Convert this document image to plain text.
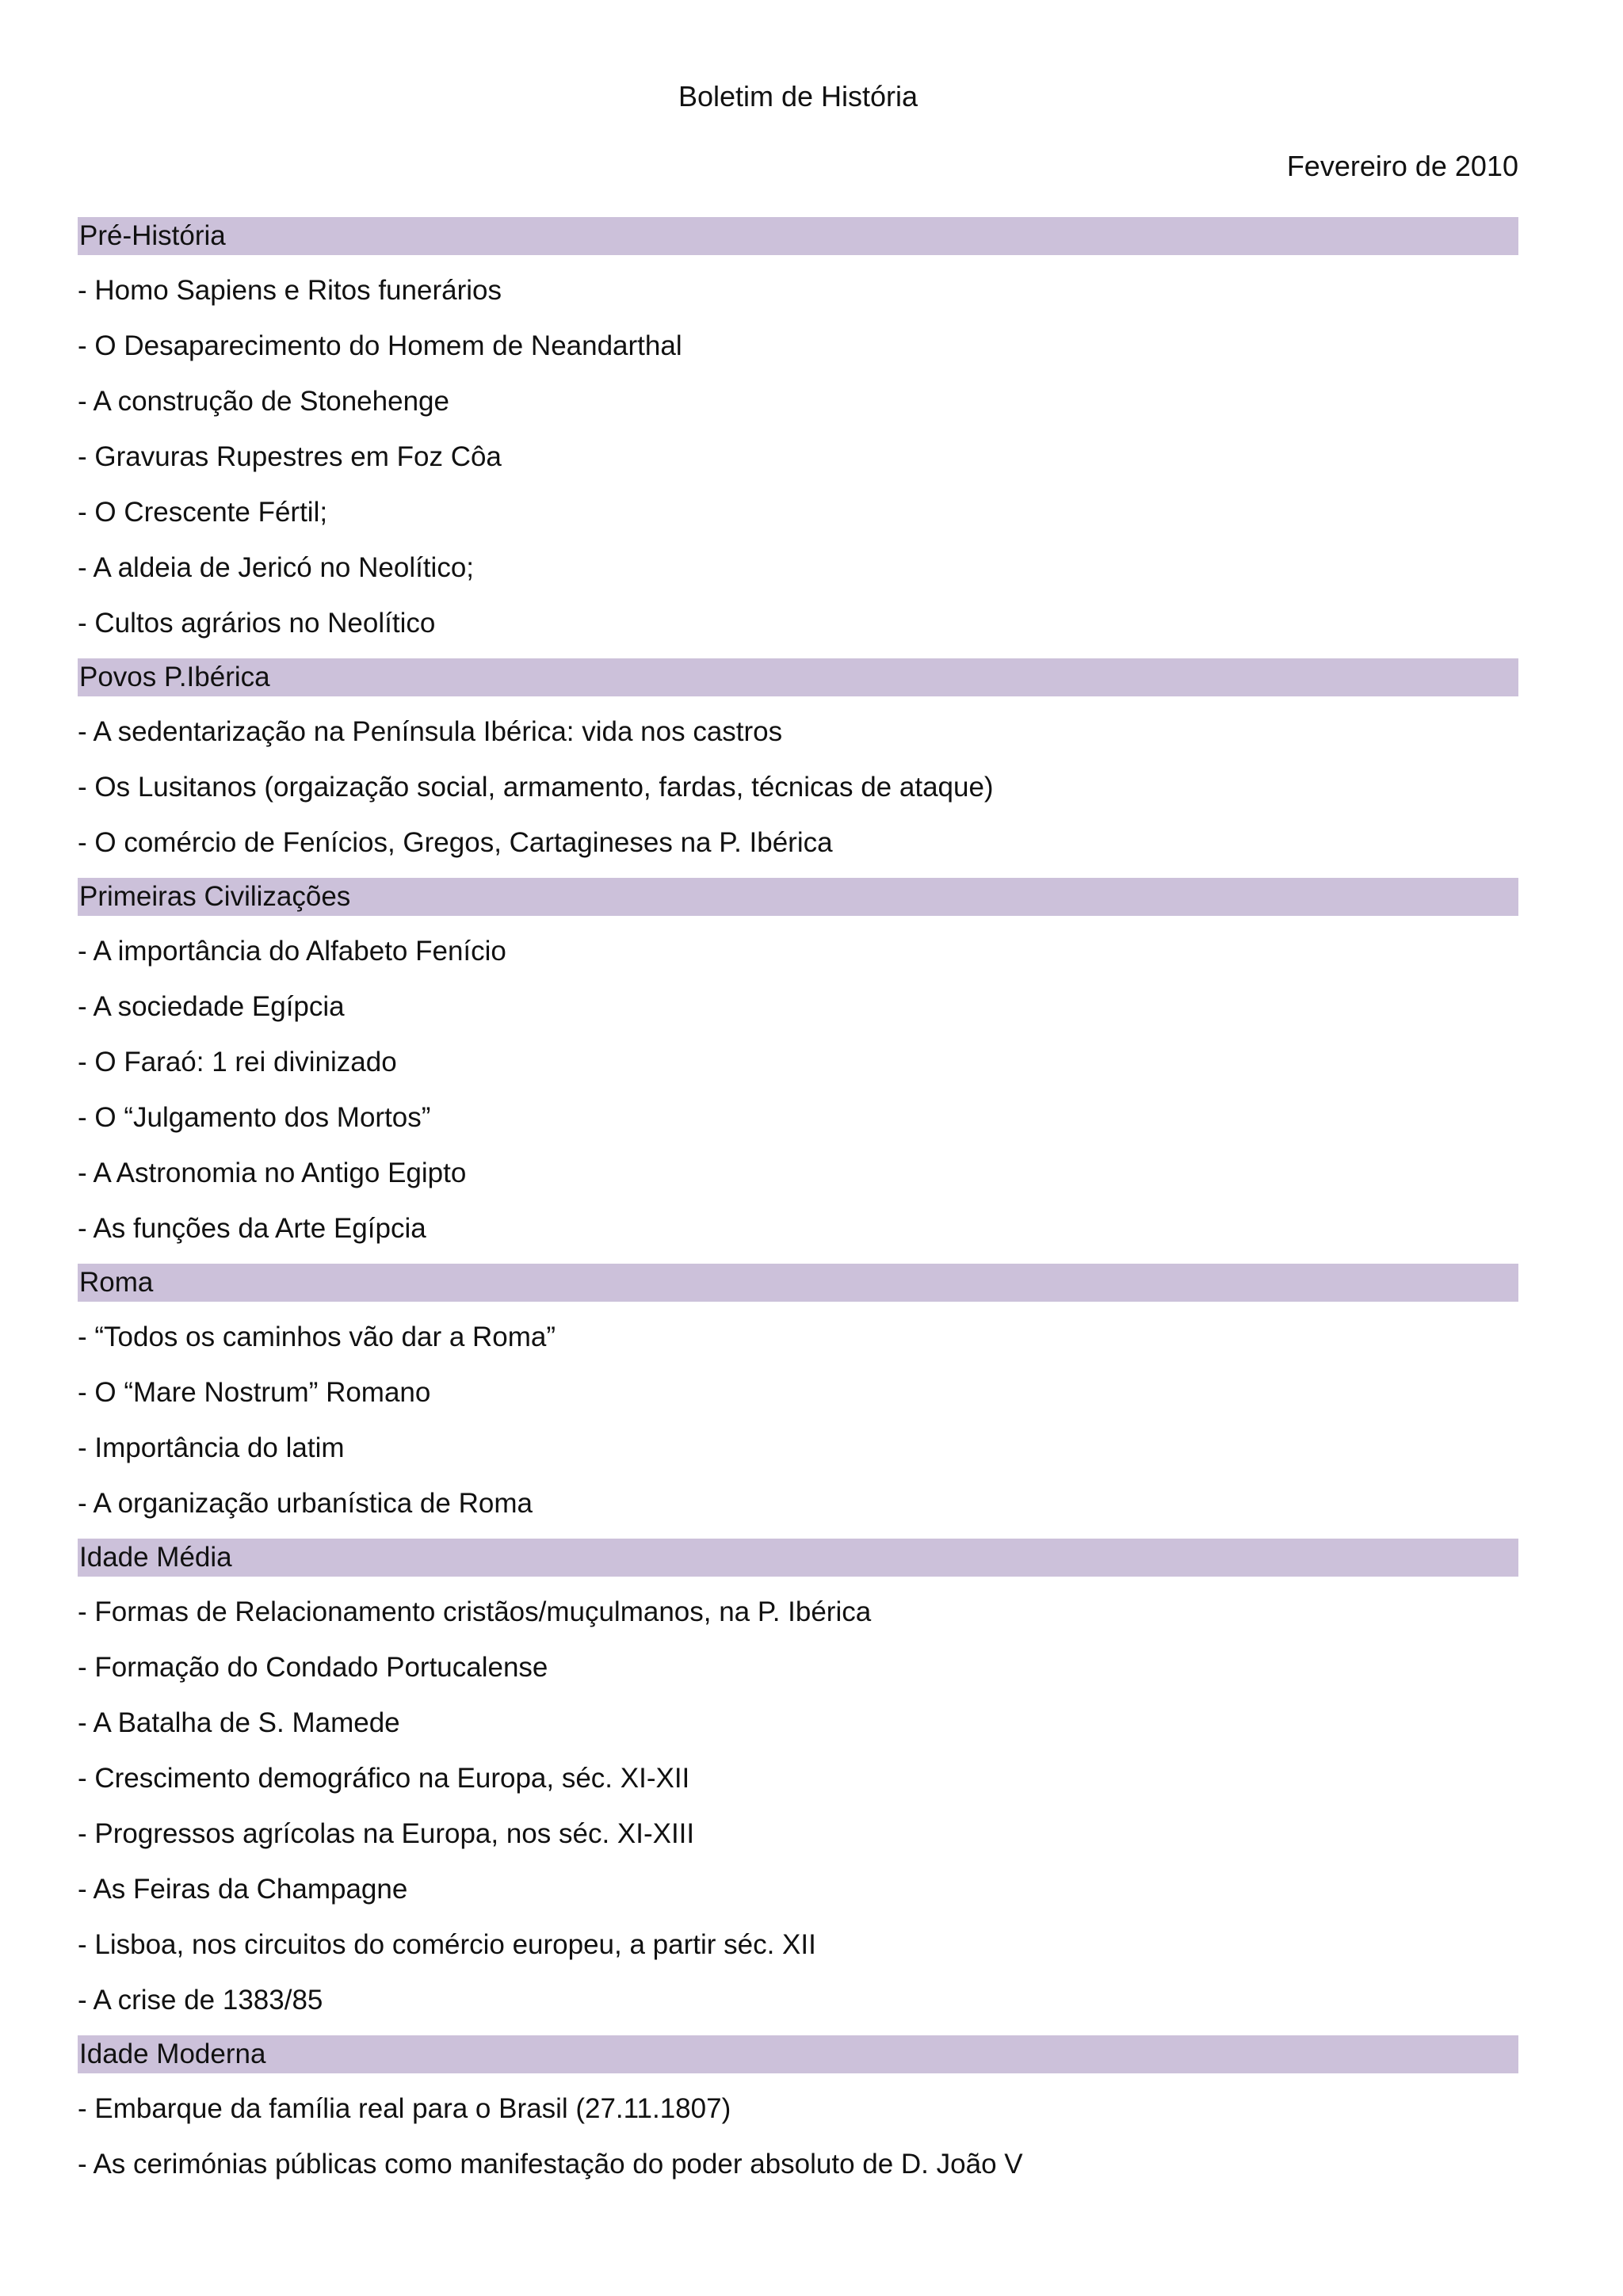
Boletim de História
Fevereiro de 2010
Pré-História
- Homo Sapiens e Ritos funerários
- O Desaparecimento do Homem de Neandarthal
- A construção de Stonehenge
- Gravuras Rupestres em Foz Côa
- O Crescente Fértil;
- A aldeia de Jericó no Neolítico;
- Cultos agrários no Neolítico
Povos P.Ibérica
- A sedentarização na Península Ibérica: vida nos castros
- Os Lusitanos (orgaização social, armamento, fardas, técnicas de ataque)
- O comércio de Fenícios, Gregos, Cartagineses na P. Ibérica
Primeiras Civilizações
- A importância do Alfabeto Fenício
- A sociedade Egípcia
- O Faraó: 1 rei divinizado
- O “Julgamento dos Mortos”
- A Astronomia no Antigo Egipto
- As funções da Arte Egípcia
Roma
- “Todos os caminhos vão dar a Roma”
- O “Mare Nostrum” Romano
- Importância do latim
- A organização urbanística de Roma
Idade Média
- Formas de Relacionamento cristãos/muçulmanos, na P. Ibérica
- Formação do Condado Portucalense
- A Batalha de S. Mamede
- Crescimento demográfico na Europa, séc. XI-XII
- Progressos agrícolas na Europa, nos séc. XI-XIII
- As Feiras da Champagne
- Lisboa, nos circuitos do comércio europeu, a partir séc. XII
- A crise de 1383/85
Idade Moderna
- Embarque da família real para o Brasil (27.11.1807)
- As cerimónias públicas como manifestação do poder absoluto de D. João V
